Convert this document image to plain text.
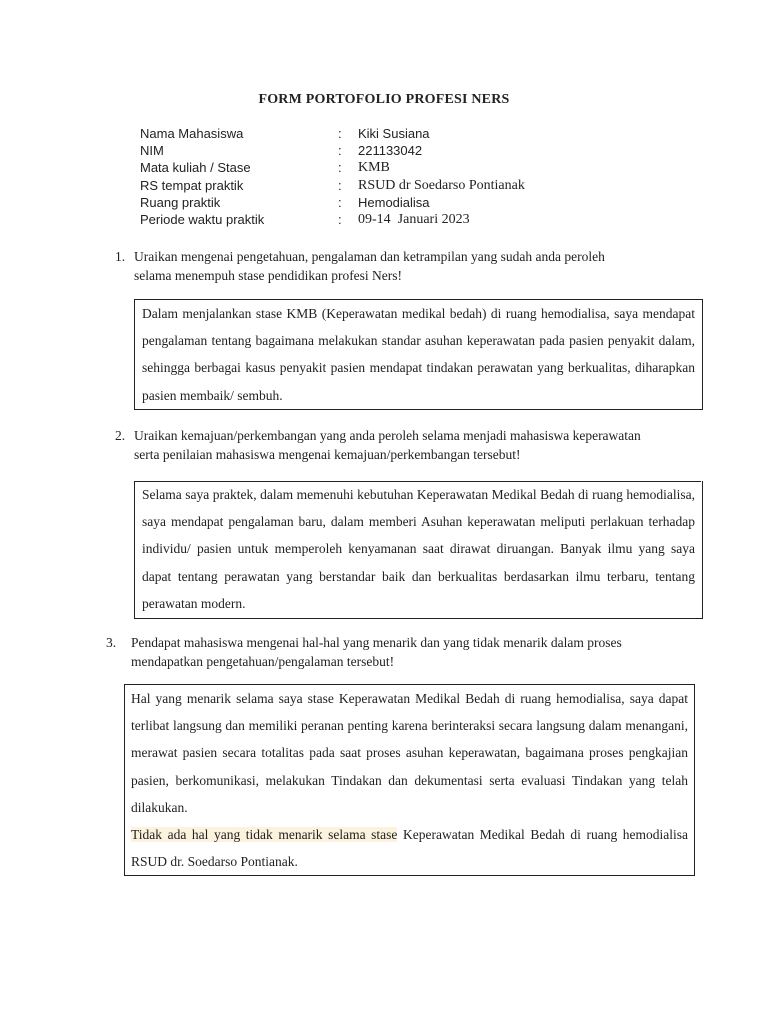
FORM PORTOFOLIO PROFESI NERS
Nama Mahasiswa	: Kiki Susiana
NIM	: 221133042
Mata kuliah / Stase	: KMB
RS tempat praktik	: RSUD dr Soedarso Pontianak
Ruang praktik	: Hemodialisa
Periode waktu praktik	: 09-14  Januari 2023
1. Uraikan mengenai pengetahuan, pengalaman dan ketrampilan yang sudah anda peroleh
selama menempuh stase pendidikan profesi Ners!

Dalam menjalankan stase KMB (Keperawatan medikal bedah) di ruang hemodialisa, saya mendapat pengalaman tentang bagaimana melakukan standar asuhan keperawatan pada pasien penyakit dalam, sehingga berbagai kasus penyakit pasien mendapat tindakan perawatan yang berkualitas, diharapkan pasien membaik/ sembuh.

2. Uraikan kemajuan/perkembangan yang anda peroleh selama menjadi mahasiswa keperawatan
serta penilaian mahasiswa mengenai kemajuan/perkembangan tersebut!

Selama saya praktek, dalam memenuhi kebutuhan Keperawatan Medikal Bedah di ruang hemodialisa, saya mendapat pengalaman baru, dalam memberi Asuhan keperawatan meliputi perlakuan terhadap individu/ pasien untuk memperoleh kenyamanan saat dirawat diruangan. Banyak ilmu yang saya dapat tentang perawatan yang berstandar baik dan berkualitas berdasarkan ilmu terbaru, tentang perawatan modern.

3. Pendapat mahasiswa mengenai hal-hal yang menarik dan yang tidak menarik dalam proses
mendapatkan pengetahuan/pengalaman tersebut!

Hal yang menarik selama saya stase Keperawatan Medikal Bedah di ruang hemodialisa, saya dapat terlibat langsung dan memiliki peranan penting karena berinteraksi secara langsung dalam menangani, merawat pasien secara totalitas pada saat proses asuhan keperawatan, bagaimana proses pengkajian pasien, berkomunikasi, melakukan Tindakan dan dekumentasi serta evaluasi Tindakan yang telah dilakukan.

Tidak ada hal yang tidak menarik selama stase Keperawatan Medikal Bedah di ruang hemodialisa RSUD dr. Soedarso Pontianak.
